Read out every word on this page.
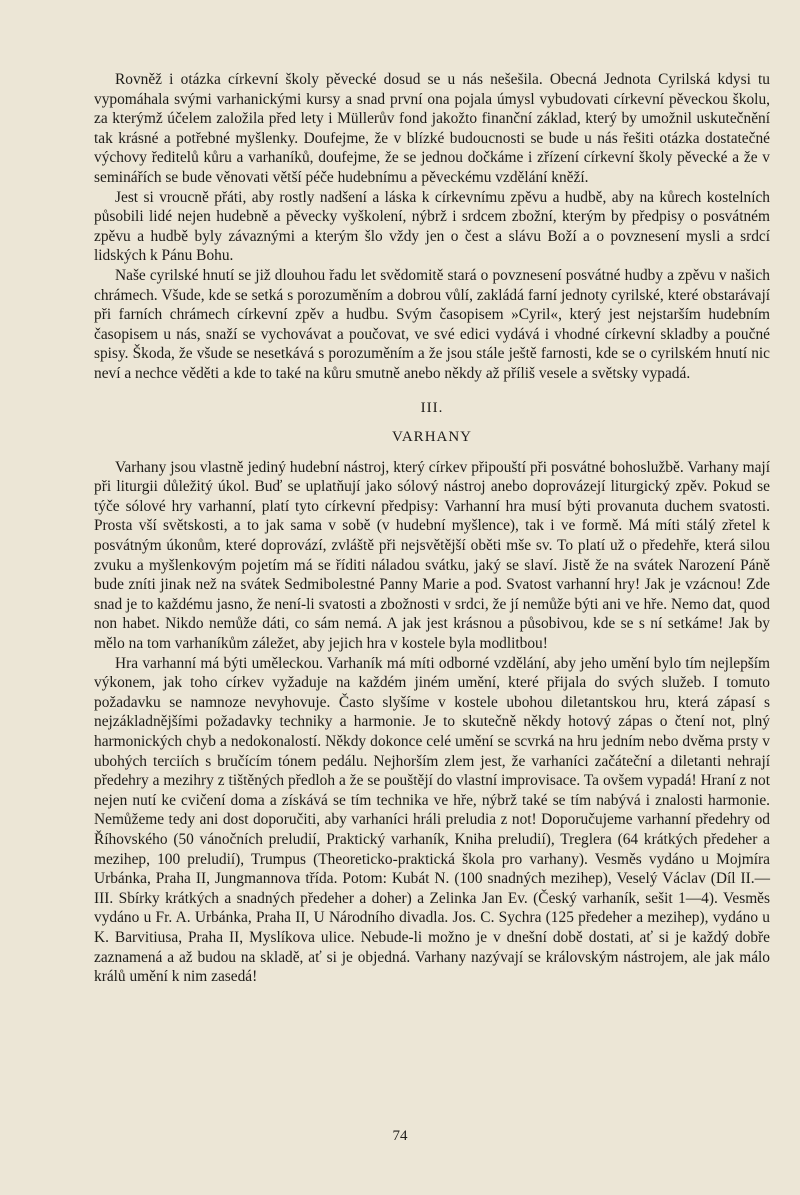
Rovněž i otázka církevní školy pěvecké dosud se u nás nešešila. Obecná Jednota Cyrilská kdysi tu vypomáhala svými varhanickými kursy a snad první ona pojala úmysl vybudovati církevní pěveckou školu, za kterýmž účelem založila před lety i Müllerův fond jakožto finanční základ, který by umožnil uskutečnění tak krásné a potřebné myšlenky. Doufejme, že v blízké budoucnosti se bude u nás řešiti otázka dostatečné výchovy ředitelů kůru a varhaníků, doufejme, že se jednou dočkáme i zřízení církevní školy pěvecké a že v seminářích se bude věnovati větší péče hudebnímu a pěveckému vzdělání kněží.

Jest si vroucně přáti, aby rostly nadšení a láska k církevnímu zpěvu a hudbě, aby na kůrech kostelních působili lidé nejen hudebně a pěvecky vyškolení, nýbrž i srdcem zbožní, kterým by předpisy o posvátném zpěvu a hudbě byly závaznými a kterým šlo vždy jen o čest a slávu Boží a o povznesení mysli a srdcí lidských k Pánu Bohu.

Naše cyrilské hnutí se již dlouhou řadu let svědomitě stará o povznesení posvátné hudby a zpěvu v našich chrámech. Všude, kde se setká s porozuměním a dobrou vůlí, zakládá farní jednoty cyrilské, které obstarávají při farních chrámech církevní zpěv a hudbu. Svým časopisem »Cyril«, který jest nejstarším hudebním časopisem u nás, snaží se vychovávat a poučovat, ve své edici vydává i vhodné církevní skladby a poučné spisy. Škoda, že všude se nesetkává s porozuměním a že jsou stále ještě farnosti, kde se o cyrilském hnutí nic neví a nechce věděti a kde to také na kůru smutně anebo někdy až příliš vesele a světsky vypadá.

III.
VARHANY

Varhany jsou vlastně jediný hudební nástroj, který církev připouští při posvátné bohoslužbě. Varhany mají při liturgii důležitý úkol. Buď se uplatňují jako sólový nástroj anebo doprovázejí liturgický zpěv. Pokud se týče sólové hry varhanní, platí tyto církevní předpisy: Varhanní hra musí býti provanuta duchem svatosti. Prosta vší světskosti, a to jak sama v sobě (v hudební myšlence), tak i ve formě. Má míti stálý zřetel k posvátným úkonům, které doprovází, zvláště při nejsvětější oběti mše sv. To platí už o předehře, která silou zvuku a myšlenkovým pojetím má se říditi náladou svátku, jaký se slaví. Jistě že na svátek Narození Páně bude zníti jinak než na svátek Sedmibolestné Panny Marie a pod. Svatost varhanní hry! Jak je vzácnou! Zde snad je to každému jasno, že není-li svatosti a zbožnosti v srdci, že jí nemůže býti ani ve hře. Nemo dat, quod non habet. Nikdo nemůže dáti, co sám nemá. A jak jest krásnou a působivou, kde se s ní setkáme! Jak by mělo na tom varhaníkům záležet, aby jejich hra v kostele byla modlitbou!

Hra varhanní má býti uměleckou. Varhaník má míti odborné vzdělání, aby jeho umění bylo tím nejlepším výkonem, jak toho církev vyžaduje na každém jiném umění, které přijala do svých služeb. I tomuto požadavku se namnoze nevyhovuje. Často slyšíme v kostele ubohou diletantskou hru, která zápasí s nejzákladnějšími požadavky techniky a harmonie. Je to skutečně někdy hotový zápas o čtení not, plný harmonických chyb a nedokonalostí. Někdy dokonce celé umění se scvrká na hru jedním nebo dvěma prsty v ubohých terciích s bručícím tónem pedálu. Nejhorším zlem jest, že varhaníci začáteční a diletanti nehrají předehry a mezihry z tištěných předloh a že se pouštějí do vlastní improvisace. Ta ovšem vypadá! Hraní z not nejen nutí ke cvičení doma a získává se tím technika ve hře, nýbrž také se tím nabývá i znalosti harmonie. Nemůžeme tedy ani dost doporučiti, aby varhaníci hráli preludia z not! Doporučujeme varhanní předehry od Říhovského (50 vánočních preludií, Praktický varhaník, Kniha preludií), Treglera (64 krátkých předeher a mezihер, 100 preludií), Trumpus (Theoreticko-praktická škola pro varhany). Vesměs vydáno u Mojmíra Urbánka, Praha II, Jungmannova třída. Potom: Kubát N. (100 snadných mezihер), Veselý Václav (Díl II.—III. Sbírky krátkých a snadných předeher a doher) a Zelinka Jan Ev. (Český varhaník, sešit 1—4). Vesměs vydáno u Fr. A. Urbánka, Praha II, U Národního divadla. Jos. C. Sychra (125 předeher a mezihер), vydáno u K. Barvitiusa, Praha II, Myslíkova ulice. Nebude-li možno je v dnešní době dostati, ať si je každý dobře zaznamená a až budou na skladě, ať si je objedná. Varhany nazývají se královským nástrojem, ale jak málo králů umění k nim zasedá!

74
